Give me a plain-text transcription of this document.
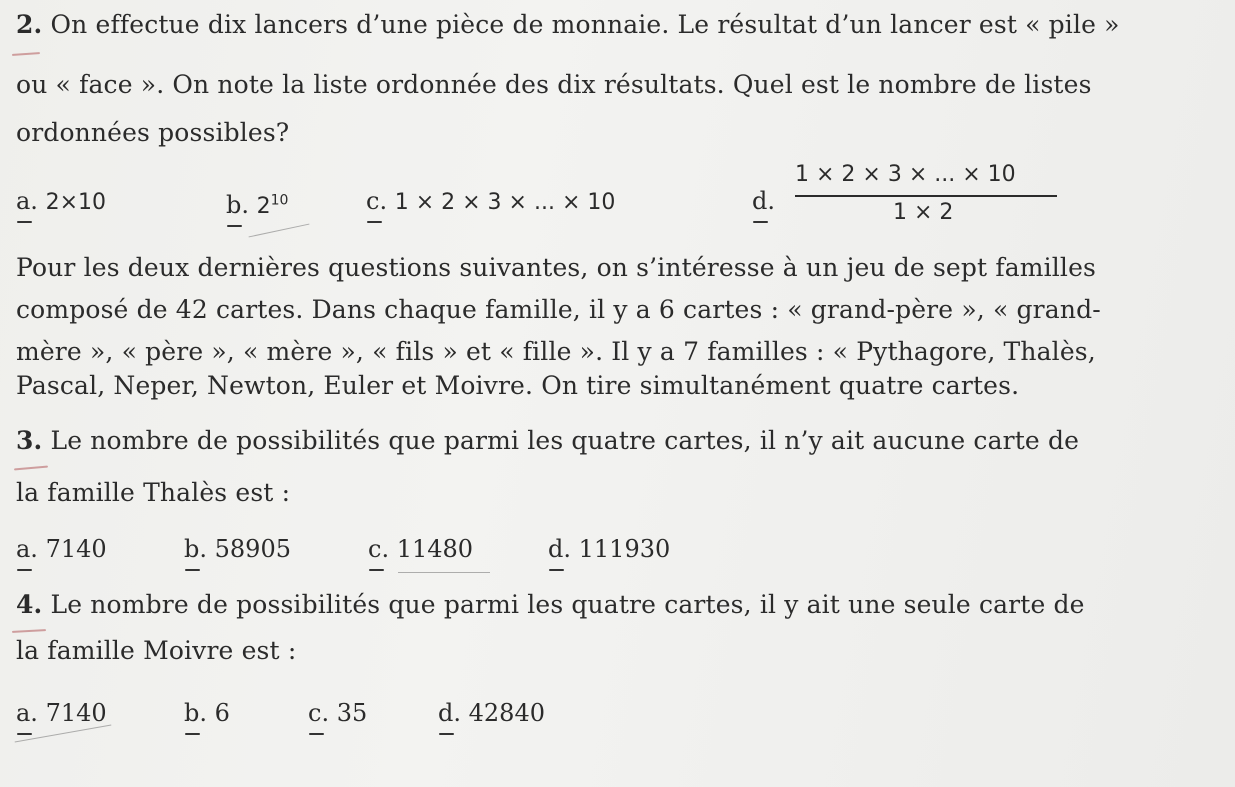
2. On effectue dix lancers d’une pièce de monnaie. Le résultat d’un lancer est « pile »
ou « face ». On note la liste ordonnée des dix résultats. Quel est le nombre de listes
ordonnées possibles?
a. 2×10	b. $2^{10}$	c. 1 × 2 × 3 × ... × 10	d.
1 × 2 × 3 × ... × 10
1 × 2
Pour les deux dernières questions suivantes, on s’intéresse à un jeu de sept familles
composé de 42 cartes. Dans chaque famille, il y a 6 cartes : « grand-père », « grand-
mère », « père », « mère », « fils » et « fille ». Il y a 7 familles : « Pythagore, Thalès,
Pascal, Neper, Newton, Euler et Moivre. On tire simultanément quatre cartes.
3. Le nombre de possibilités que parmi les quatre cartes, il n’y ait aucune carte de
la famille Thalès est :
a. 7140	b. 58905	c. 11480	d. 111930
4. Le nombre de possibilités que parmi les quatre cartes, il y ait une seule carte de
la famille Moivre est :
a. 7140	b. 6	c. 35	d. 42840
